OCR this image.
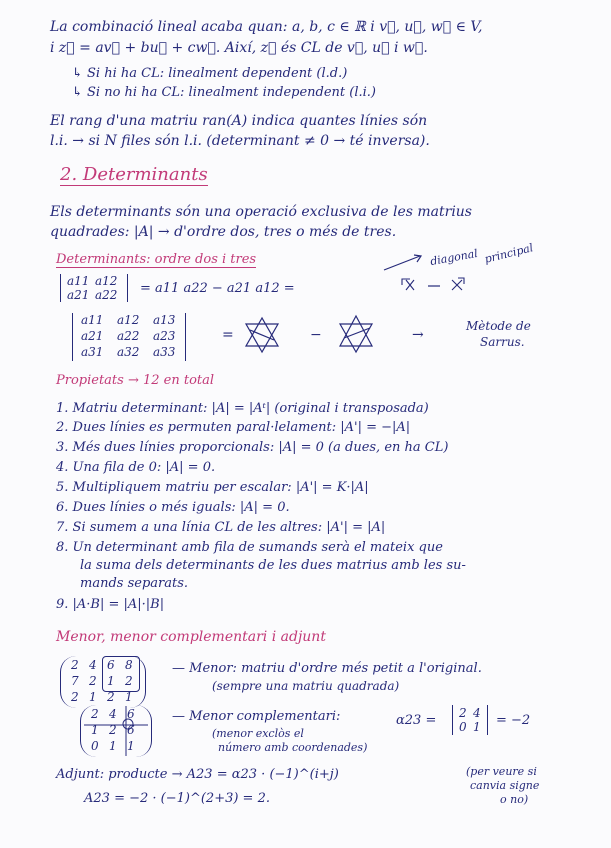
La combinació lineal acaba quan: a, b, c ∈ ℝ i v⃗, u⃗, w⃗ ∈ V,
i z⃗ = av⃗ + bu⃗ + cw⃗. Així, z⃗ és CL de v⃗, u⃗ i w⃗.
↳ Si hi ha CL: linealment dependent (l.d.)
↳ Si no hi ha CL: linealment independent (l.i.)
El rang d'una matriu ran(A) indica quantes línies són
l.i. → si N files són l.i. (determinant ≠ 0 → té inversa).
2. Determinants
Els determinants són una operació exclusiva de les matrius
quadrades: |A| → d'ordre dos, tres o més de tres.
Determinants: ordre dos i tres	diagonal principal
a11 a12
a21 a22 = a11 a22 − a21 a12 =
a11 a12 a13
a21 a22 a23
a31 a32 a33
=	−	→
Mètode de
Sarrus.
Propietats → 12 en total
1. Matriu determinant: |A| = |Aᵗ| (original i transposada)
2. Dues línies es permuten paral·lelament: |A'| = −|A|
3. Més dues línies proporcionals: |A| = 0 (a dues, en ha CL)
4. Una fila de 0: |A| = 0.
5. Multipliquem matriu per escalar: |A'| = K·|A|
6. Dues línies o més iguals: |A| = 0.
7. Si sumem a una línia CL de les altres: |A'| = |A|
8. Un determinant amb fila de sumands serà el mateix que
la suma dels determinants de les dues matrius amb les su-
mands separats.
9. |A·B| = |A|·|B|
Menor, menor complementari i adjunt
2 4 6 8
7 2 1 2
2 1 2 1
— Menor: matriu d'ordre més petit a l'original.
(sempre una matriu quadrada)
2 4 6
1 2 6
0 1 1
— Menor complementari:
(menor exclòs el
número amb coordenades)
α23 = 2 4
0 1 = −2
Adjunt: producte → A23 = α23 · (−1)^(i+j)	(per veure si
canvia signe
o no)
A23 = −2 · (−1)^(2+3) = 2.
